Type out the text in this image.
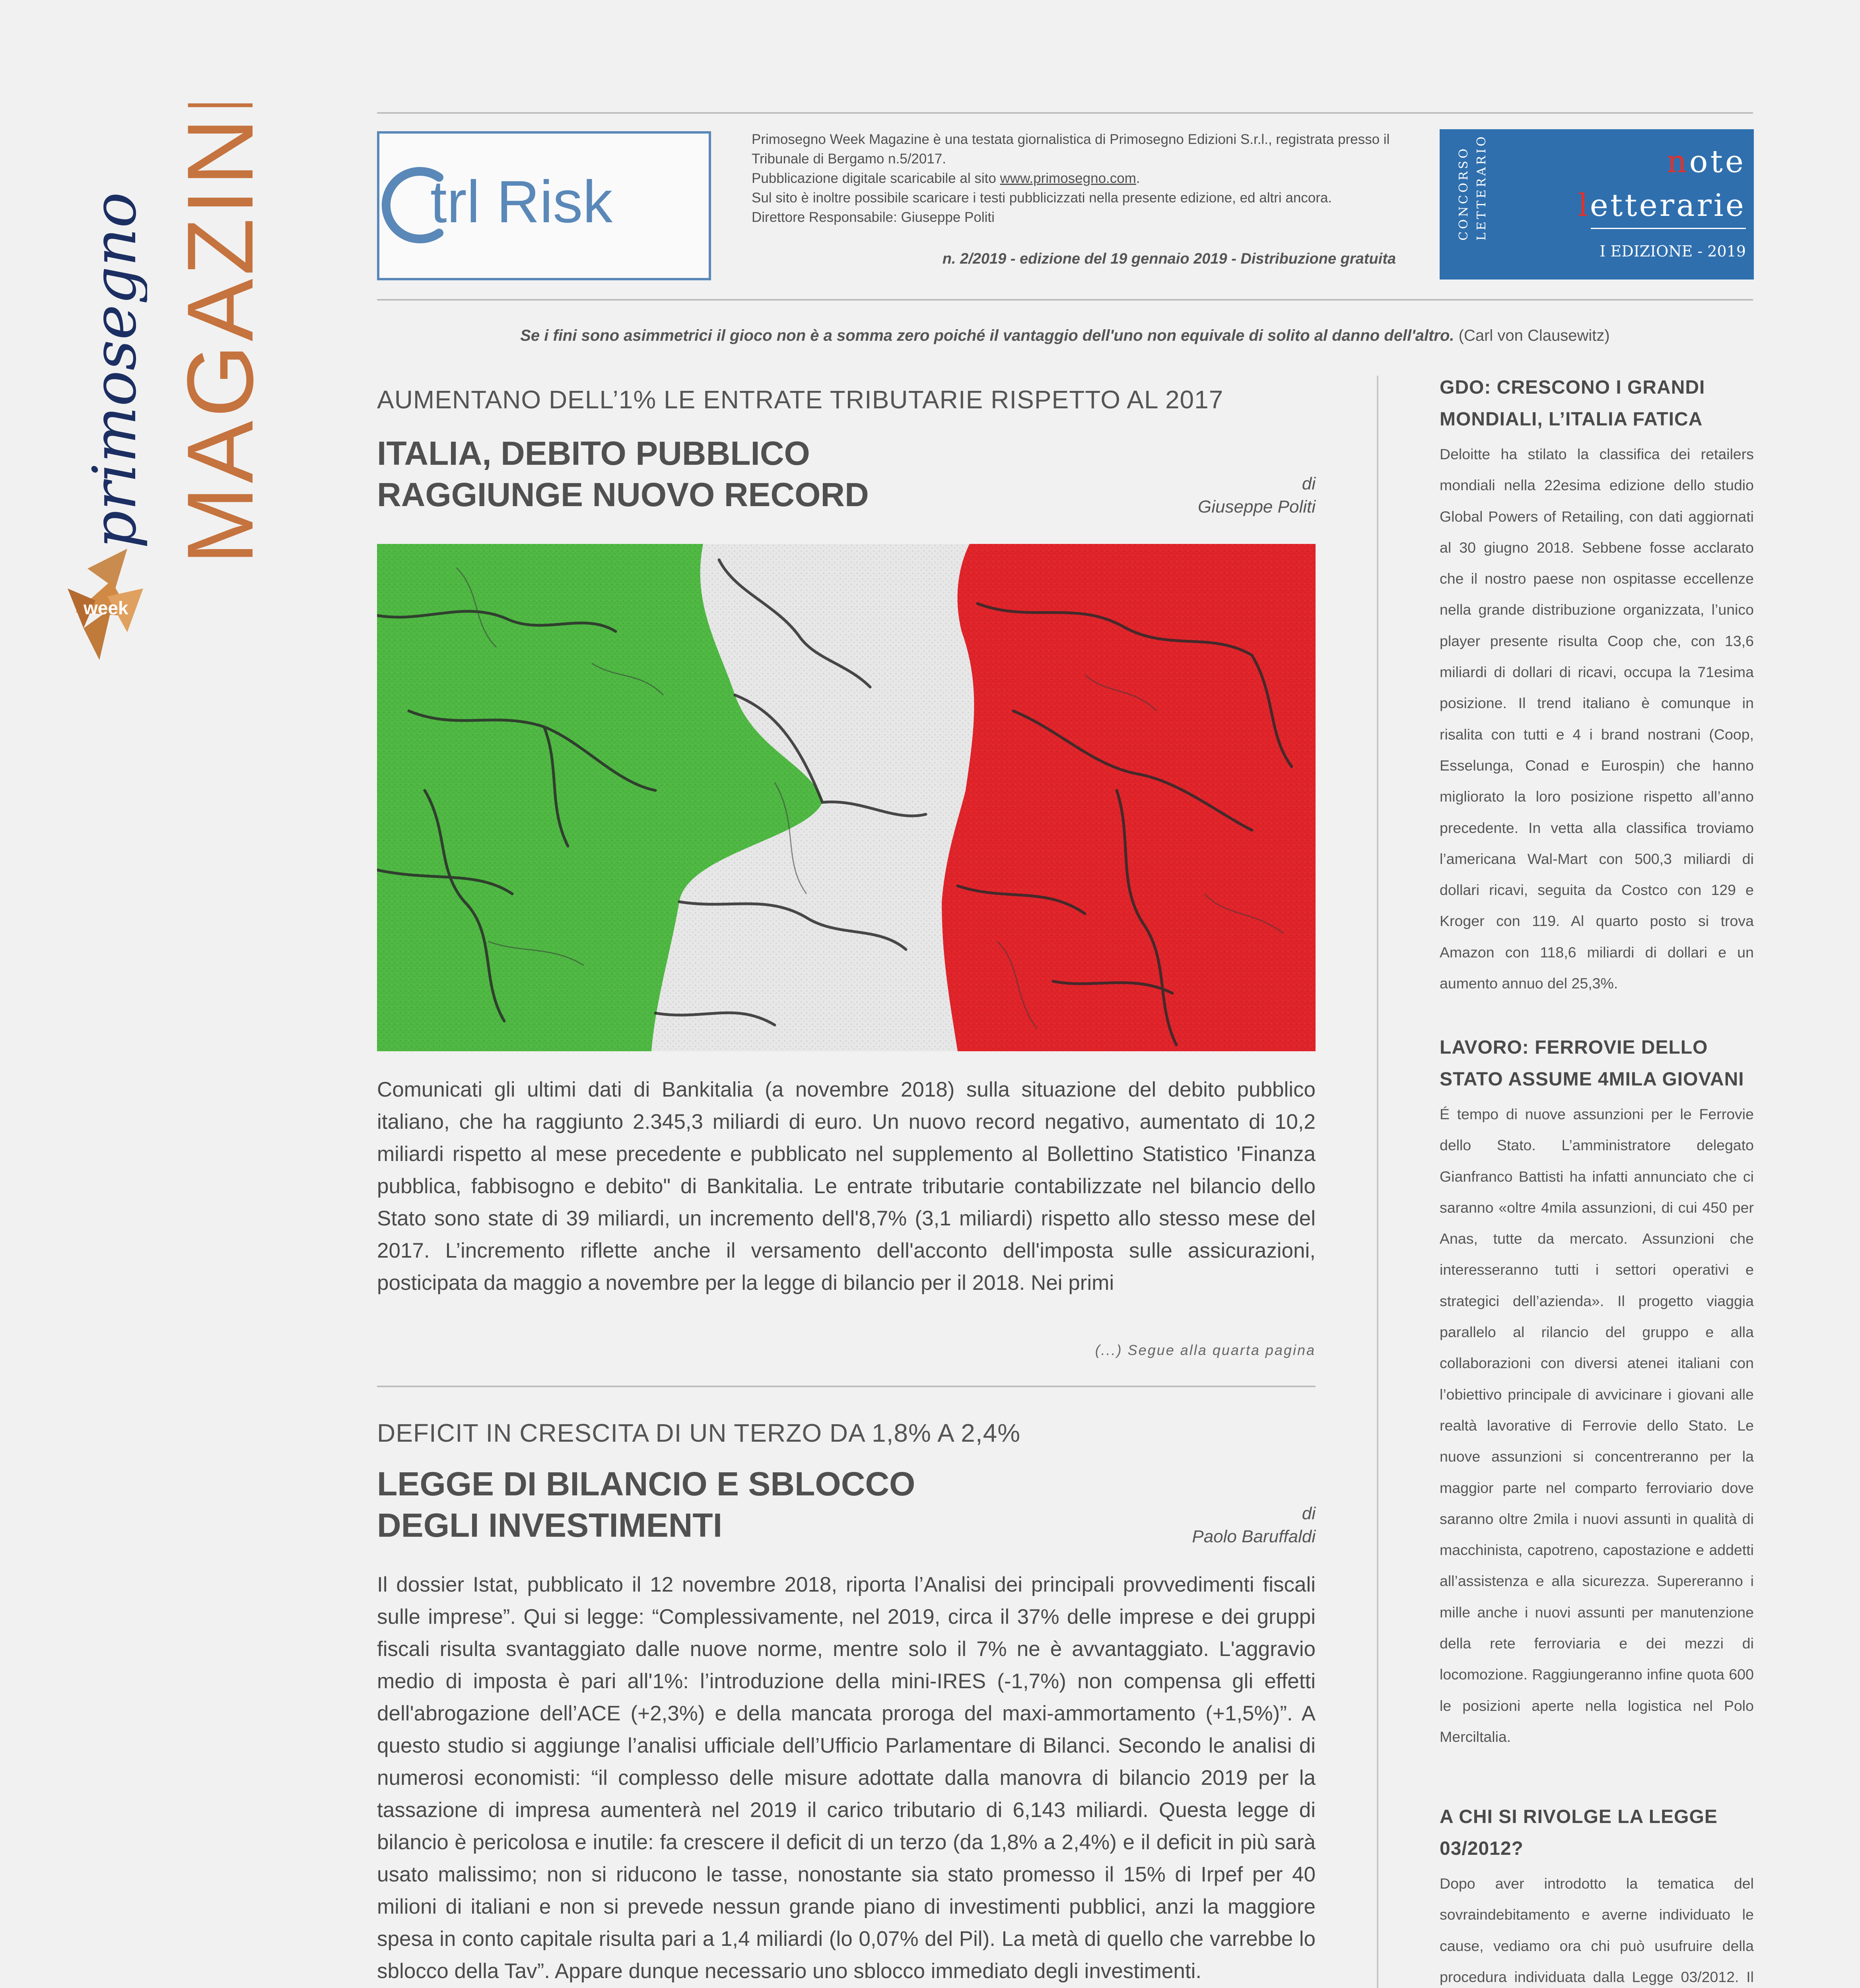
MAGAZINE
primosegno
week
trl Risk

Primosegno Week Magazine è una testata giornalistica di Primosegno Edizioni S.r.l., registrata presso il Tribunale di Bergamo n.5/2017.

Pubblicazione digitale scaricabile al sito www.primosegno.com.

Sul sito è inoltre possibile scaricare i testi pubblicizzati nella presente edizione, ed altri ancora.

Direttore Responsabile: Giuseppe Politi

n. 2/2019 - edizione del 19 gennaio 2019 - Distribuzione gratuita
CONCORSO LETTERARIO	note
letterarie
I EDIZIONE - 2019
Se i fini sono asimmetrici il gioco non è a somma zero poiché il vantaggio dell'uno non equivale di solito al danno dell'altro. (Carl von Clausewitz)
AUMENTANO DELL’1% LE ENTRATE TRIBUTARIE RISPETTO AL 2017
ITALIA, DEBITO PUBBLICO
RAGGIUNGE NUOVO RECORD	di
Giuseppe Politi
Comunicati gli ultimi dati di Bankitalia (a novembre 2018) sulla situazione del debito pubblico italiano, che ha raggiunto 2.345,3 miliardi di euro. Un nuovo record negativo, aumentato di 10,2 miliardi rispetto al mese precedente e pubblicato nel supplemento al Bollettino Statistico 'Finanza pubblica, fabbisogno e debito" di Bankitalia. Le entrate tributarie contabilizzate nel bilancio dello Stato sono state di 39 miliardi, un incremento dell'8,7% (3,1 miliardi) rispetto allo stesso mese del 2017. L’incremento riflette anche il versamento dell'acconto dell'imposta sulle assicurazioni, posticipata da maggio a novembre per la legge di bilancio per il 2018. Nei primi
(...) Segue alla quarta pagina
DEFICIT IN CRESCITA DI UN TERZO DA 1,8% A 2,4%
LEGGE DI BILANCIO E SBLOCCO
DEGLI INVESTIMENTI	di
Paolo Baruffaldi
Il dossier Istat, pubblicato il 12 novembre 2018, riporta l’Analisi dei principali provvedimenti fiscali sulle imprese”. Qui si legge: “Complessivamente, nel 2019, circa il 37% delle imprese e dei gruppi fiscali risulta svantaggiato dalle nuove norme, mentre solo il 7% ne è avvantaggiato. L'aggravio medio di imposta è pari all'1%: l’introduzione della mini-IRES (-1,7%) non compensa gli effetti dell'abrogazione dell’ACE (+2,3%) e della mancata proroga del maxi-ammortamento (+1,5%)”. A questo studio si aggiunge l’analisi ufficiale dell’Ufficio Parlamentare di Bilanci. Secondo le analisi di numerosi economisti: “il complesso delle misure adottate dalla manovra di bilancio 2019 per la tassazione di impresa aumenterà nel 2019 il carico tributario di 6,143 miliardi. Questa legge di bilancio è pericolosa e inutile: fa crescere il deficit di un terzo (da 1,8% a 2,4%) e il deficit in più sarà usato malissimo; non si riducono le tasse, nonostante sia stato promesso il 15% di Irpef per 40 milioni di italiani e non si prevede nessun grande piano di investimenti pubblici, anzi la maggiore spesa in conto capitale risulta pari a 1,4 miliardi (lo 0,07% del Pil). La metà di quello che varrebbe lo sblocco della Tav”. Appare dunque necessario uno sblocco immediato degli investimenti.
GDO: CRESCONO I GRANDI MONDIALI, L’ITALIA FATICA
Deloitte ha stilato la classifica dei retailers mondiali nella 22esima edizione dello studio Global Powers of Retailing, con dati aggiornati al 30 giugno 2018. Sebbene fosse acclarato che il nostro paese non ospitasse eccellenze nella grande distribuzione organizzata, l’unico player presente risulta Coop che, con 13,6 miliardi di dollari di ricavi, occupa la 71esima posizione. Il trend italiano è comunque in risalita con tutti e 4 i brand nostrani (Coop, Esselunga, Conad e Eurospin) che hanno migliorato la loro posizione rispetto all’anno precedente. In vetta alla classifica troviamo l’americana Wal-Mart con 500,3 miliardi di dollari ricavi, seguita da Costco con 129 e Kroger con 119. Al quarto posto si trova Amazon con 118,6 miliardi di dollari e un aumento annuo del 25,3%.
LAVORO: FERROVIE DELLO STATO ASSUME 4MILA GIOVANI
É tempo di nuove assunzioni per le Ferrovie dello Stato. L’amministratore delegato Gianfranco Battisti ha infatti annunciato che ci saranno «oltre 4mila assunzioni, di cui 450 per Anas, tutte da mercato. Assunzioni che interesseranno tutti i settori operativi e strategici dell’azienda». Il progetto viaggia parallelo al rilancio del gruppo e alla collaborazioni con diversi atenei italiani con l’obiettivo principale di avvicinare i giovani alle realtà lavorative di Ferrovie dello Stato. Le nuove assunzioni si concentreranno per la maggior parte nel comparto ferroviario dove saranno oltre 2mila i nuovi assunti in qualità di macchinista, capotreno, capostazione e addetti all’assistenza e alla sicurezza. Supereranno i mille anche i nuovi assunti per manutenzione della rete ferroviaria e dei mezzi di locomozione. Raggiungeranno infine quota 600 le posizioni aperte nella logistica nel Polo Merciltalia.
A CHI SI RIVOLGE LA LEGGE 03/2012?
Dopo aver introdotto la tematica del sovraindebitamento e averne individuato le cause, vediamo ora chi può usufruire della procedura individuata dalla Legge 03/2012. Il
